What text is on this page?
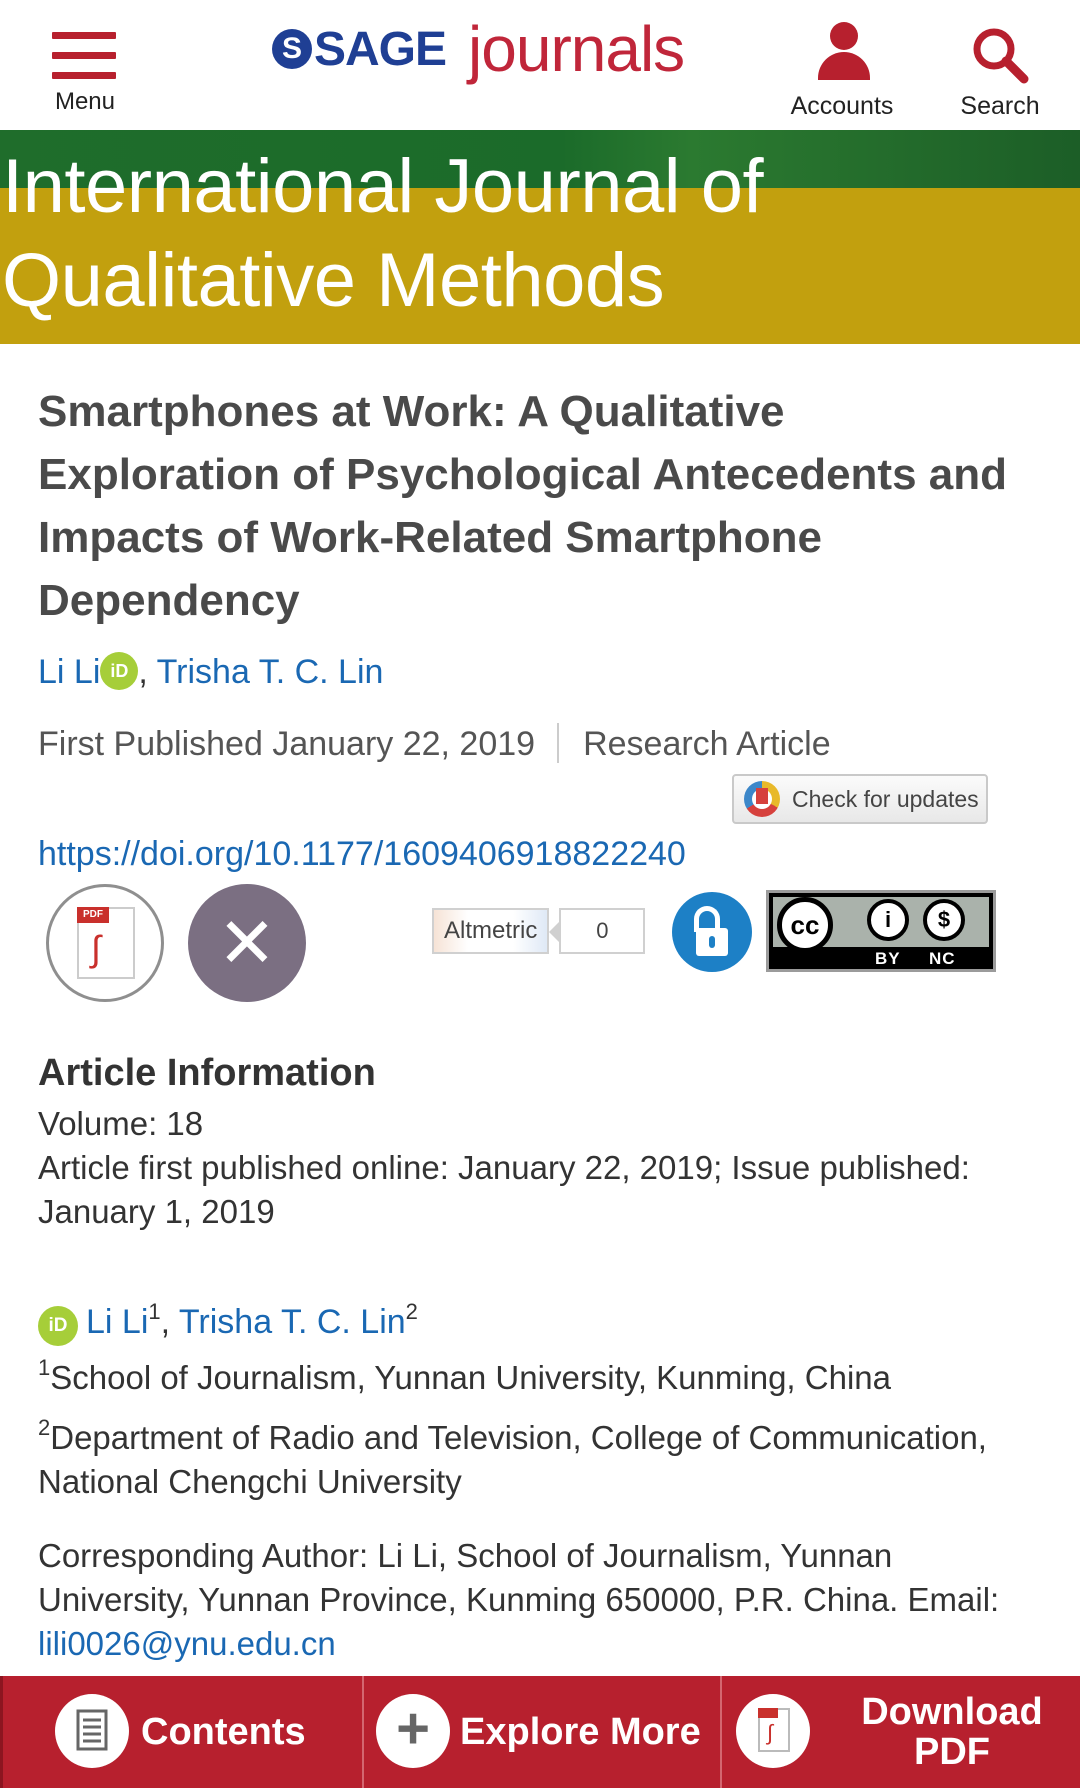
Menu
S SAGE journals
Accounts	Search
International Journal of
Qualitative Methods
Smartphones at Work: A Qualitative Exploration of Psychological Antecedents and Impacts of Work-Related Smartphone Dependency
Li Li iD , Trisha T. C. Lin
First Published January 22, 2019 Research Article
Check for updates
https://doi.org/10.1177/1609406918822240
PDF
∫	✕	Altmetric	0	cc	i	$
BY NC
Article Information
Volume: 18
Article first published online: January 22, 2019; Issue published: January 1, 2019
iD Li Li$^1$, Trisha T. C. Lin$^2$

$^1$School of Journalism, Yunnan University, Kunming, China

$^2$Department of Radio and Television, College of Communication, National Chengchi University

Corresponding Author: Li Li, School of Journalism, Yunnan University, Yunnan Province, Kunming 650000, P.R. China. Email: lili0026@ynu.edu.cn
Contents	+ Explore More	∫ Download
PDF
